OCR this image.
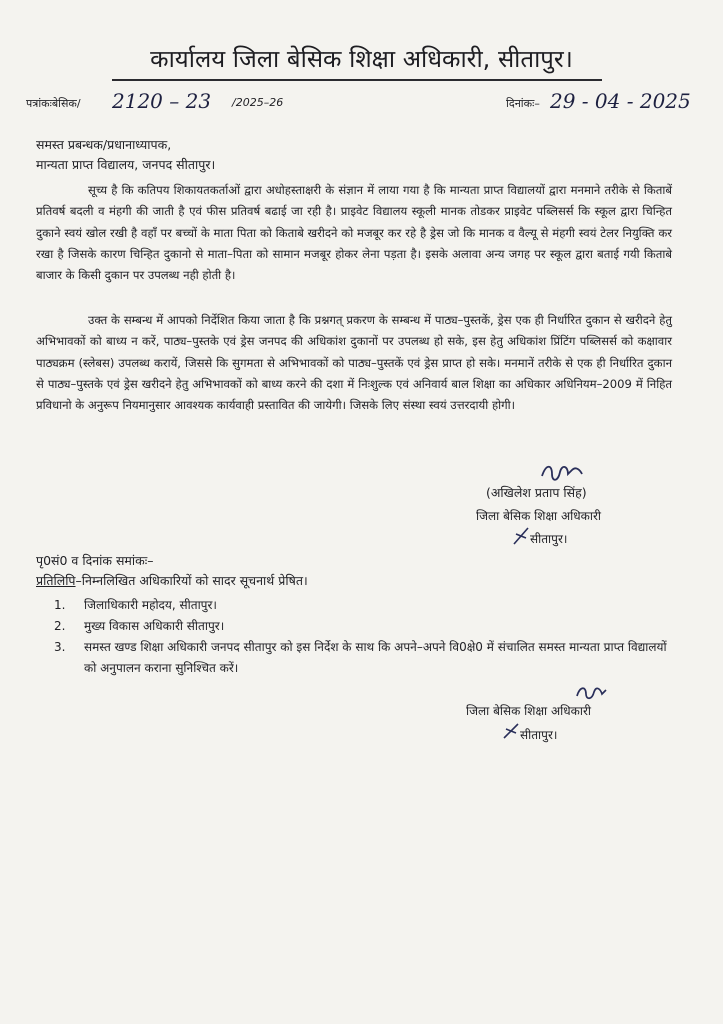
कार्यालय जिला बेसिक शिक्षा अधिकारी, सीतापुर।
पत्रांकःबेसिक/ 2120 – 23 /2025–26	दिनांकः– 29 - 04 - 2025
समस्त प्रबन्धक/प्रधानाध्यापक,
मान्यता प्राप्त विद्यालय, जनपद सीतापुर।
सूच्य है कि कतिपय शिकायतकर्ताओं द्वारा अधोहस्ताक्षरी के संज्ञान में लाया गया है कि मान्यता प्राप्त विद्यालयों द्वारा मनमाने तरीके से किताबें प्रतिवर्ष बदली व मंहगी की जाती है एवं फीस प्रतिवर्ष बढाई जा रही है। प्राइवेट विद्यालय स्कूली मानक तोडकर प्राइवेट पब्लिसर्स कि स्कूल द्वारा चिन्हित दुकाने स्वयं खोल रखी है वहाँ पर बच्चों के माता पिता को किताबे खरीदने को मजबूर कर रहे है ड्रेस जो कि मानक व वैल्यू से मंहगी स्वयं टेलर नियुक्ति कर रखा है जिसके कारण चिन्हित दुकानो से माता–पिता को सामान मजबूर होकर लेना पड़ता है। इसके अलावा अन्य जगह पर स्कूल द्वारा बताई गयी किताबे बाजार के किसी दुकान पर उपलब्ध नही होती है।
उक्त के सम्बन्ध में आपको निर्देशित किया जाता है कि प्रश्नगत् प्रकरण के सम्बन्ध में पाठ्य–पुस्तकें, ड्रेस एक ही निर्धारित दुकान से खरीदने हेतु अभिभावकों को बाध्य न करें, पाठ्य–पुस्तके एवं ड्रेस जनपद की अधिकांश दुकानों पर उपलब्ध हो सके, इस हेतु अधिकांश प्रिंटिंग पब्लिसर्स को कक्षावार पाठ्यक्रम (स्लेबस) उपलब्ध करायें, जिससे कि सुगमता से अभिभावकों को पाठ्य–पुस्तकें एवं ड्रेस प्राप्त हो सके। मनमानें तरीके से एक ही निर्धारित दुकान से पाठ्य–पुस्तके एवं ड्रेस खरीदने हेतु अभिभावकों को बाध्य करने की दशा में निःशुल्क एवं अनिवार्य बाल शिक्षा का अधिकार अधिनियम–2009 में निहित प्रविधानो के अनुरूप नियमानुसार आवश्यक कार्यवाही प्रस्तावित की जायेगी। जिसके लिए संस्था स्वयं उत्तरदायी होगी।
(अखिलेश प्रताप सिंह)
जिला बेसिक शिक्षा अधिकारी
सीतापुर।
पृ0सं0 व दिनांक समांकः–
प्रतिलिपि–निम्नलिखित अधिकारियों को सादर सूचनार्थ प्रेषित।
1.	जिलाधिकारी महोदय, सीतापुर।
2.	मुख्य विकास अधिकारी सीतापुर।
3.	समस्त खण्ड शिक्षा अधिकारी जनपद सीतापुर को इस निर्देश के साथ कि अपने–अपने वि0क्षे0 में संचालित समस्त मान्यता प्राप्त विद्यालयों को अनुपालन कराना सुनिश्चित करें।
जिला बेसिक शिक्षा अधिकारी
सीतापुर।
